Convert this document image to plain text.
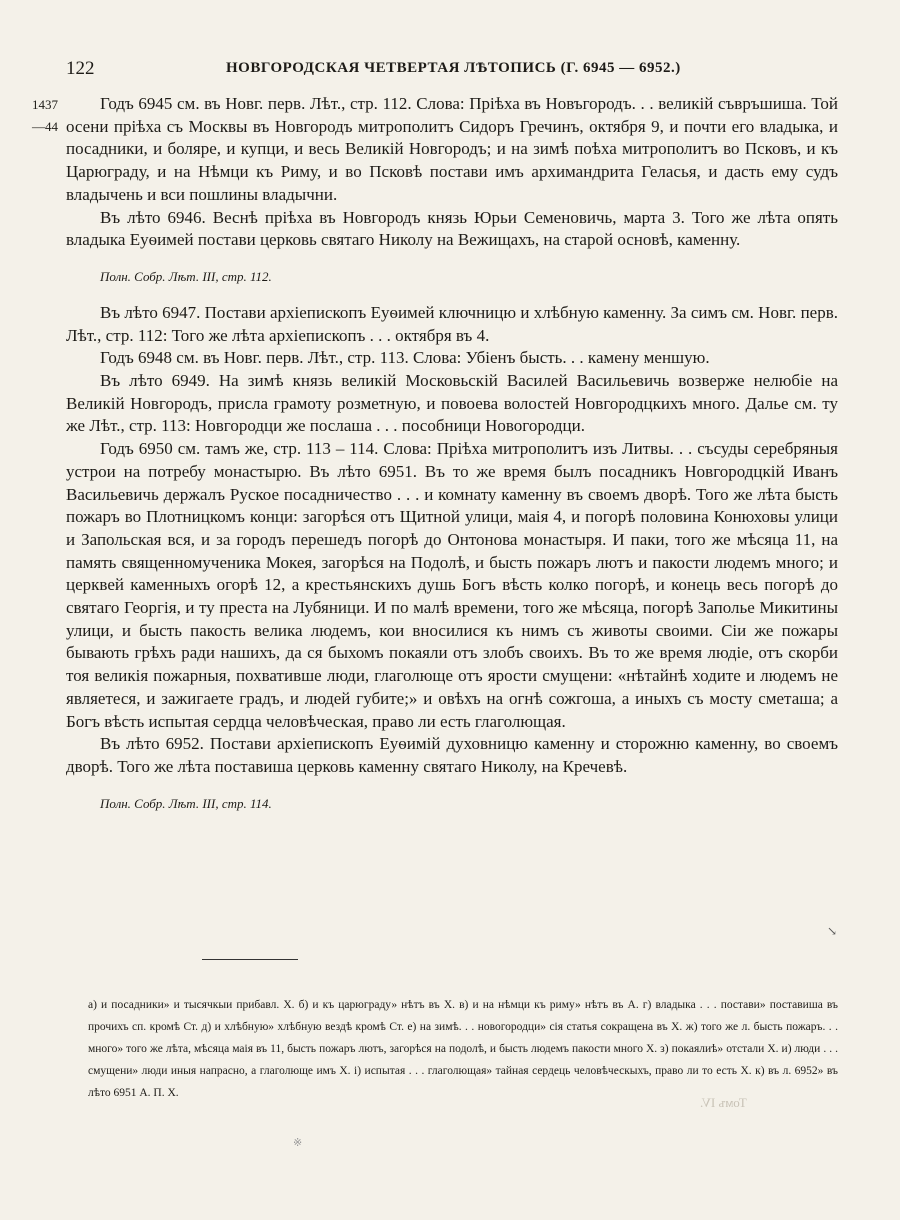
122	НОВГОРОДСКАЯ ЧЕТВЕРТАЯ ЛѢТОПИСЬ (Г. 6945 — 6952.)
1437
—44

Годъ 6945 см. въ Новг. перв. Лѣт., стр. 112. Слова: Прiѣха въ Новъгородъ. . . великiй съвръшиша. Той осени прiѣха съ Москвы въ Новгородъ митрополитъ Сидоръ Гречинъ, октября 9, и почти его владыка, и посадники, и боляре, и купци, и весь Великiй Новгородъ; и на зимѣ поѣха митрополитъ во Псковъ, и къ Царюграду, и на Нѣмци къ Риму, и во Псковѣ постави имъ архимандрита Геласья, и дасть ему судъ владычень и вси пошлины владычни.

Въ лѣто 6946. Веснѣ прiѣха въ Новгородъ князь Юрьи Семеновичь, марта 3. Того же лѣта опять владыка Еуѳимей постави церковь святаго Николу на Вежищахъ, на старой основѣ, каменну.

Полн. Собр. Лѣт. III, стр. 112.

Въ лѣто 6947. Постави архiепископъ Еуѳимей ключницю и хлѣбную каменну. За симъ см. Новг. перв. Лѣт., стр. 112: Того же лѣта архiепископъ . . . октября въ 4.

Годъ 6948 см. въ Новг. перв. Лѣт., стр. 113. Слова: Убiенъ бысть. . . камену меншую.

Въ лѣто 6949. На зимѣ князь великiй Московьскiй Василей Васильевичь возверже нелюбiе на Великiй Новгородъ, присла грамоту розметную, и повоева волостей Новгородцкихъ много. Далье см. ту же Лѣт., стр. 113: Новгородци же послаша . . . пособници Новогородци.

Годъ 6950 см. тамъ же, стр. 113 – 114. Слова: Прiѣха митрополитъ изъ Литвы. . . съсуды серебряныя устрои на потребу монастырю. Въ лѣто 6951. Въ то же время былъ посадникъ Новгородцкiй Иванъ Васильевичь держалъ Руское посадничество . . . и комнату каменну въ своемъ дворѣ. Того же лѣта бысть пожаръ во Плотницкомъ конци: загорѣся отъ Щитной улици, маiя 4, и погорѣ половина Конюховы улици и Запольская вся, и за городъ перешедъ погорѣ до Онтонова монастыря. И паки, того же мѣсяца 11, на память священномученика Мокея, загорѣся на Подолѣ, и бысть пожаръ лютъ и пакости людемъ много; и церквей каменныхъ огорѣ 12, а крестьянскихъ душь Богъ вѣсть колко погорѣ, и конець весь погорѣ до святаго Георгiя, и ту преста на Лубяници. И по малѣ времени, того же мѣсяца, погорѣ Заполье Микитины улици, и бысть пакость велика людемъ, кои вносилися къ нимъ съ животы своими. Сiи же пожары бывають грѣхъ ради нашихъ, да ся быхомъ покаяли отъ злобъ своихъ. Въ то же время людiе, отъ скорби тоя великiя пожарныя, похватившe люди, глаголюще отъ ярости смущени: «нѣтайнѣ ходите и людемъ не являетеся, и зажигаете градъ, и людей губите;» и овѣхъ на огнѣ сожгоша, а иныхъ съ мосту сметаша; а Богъ вѣсть испытая сердца человѣческая, право ли есть глаголющая.

Въ лѣто 6952. Постави архiепископъ Еуѳимiй духовницю каменну и сторожню каменну, во своемъ дворѣ. Того же лѣта поставиша церковь каменну святаго Николу, на Кречевѣ.

Полн. Собр. Лѣт. III, стр. 114.

а) и посадники» и тысячкыи прибавл. Х. б) и къ царюграду» нѣтъ въ Х. в) и на нѣмци къ риму» нѣтъ въ А. г) владыка . . . постави» поставиша въ прочихъ сп. кромѣ Ст. д) и хлѣбную» хлѣбную вездѣ кромѣ Ст. е) на зимѣ. . . новогородци» сiя статья сокращена въ Х. ж) того же л. бысть пожаръ. . . много» того же лѣта, мѣсяца маiя въ 11, бысть пожаръ лютъ, загорѣся на подолѣ, и бысть людемъ пакости много Х. з) покаялиѣ» отстали Х. и) люди . . . смущени» люди иныя напрасно, а глаголюще имъ Х. i) испытая . . . глаголющая» тайная сердець человѣческыхъ, право ли то есть Х. к) въ л. 6952» въ лѣто 6951 А. П. Х.

↘
※
Томъ IV.
